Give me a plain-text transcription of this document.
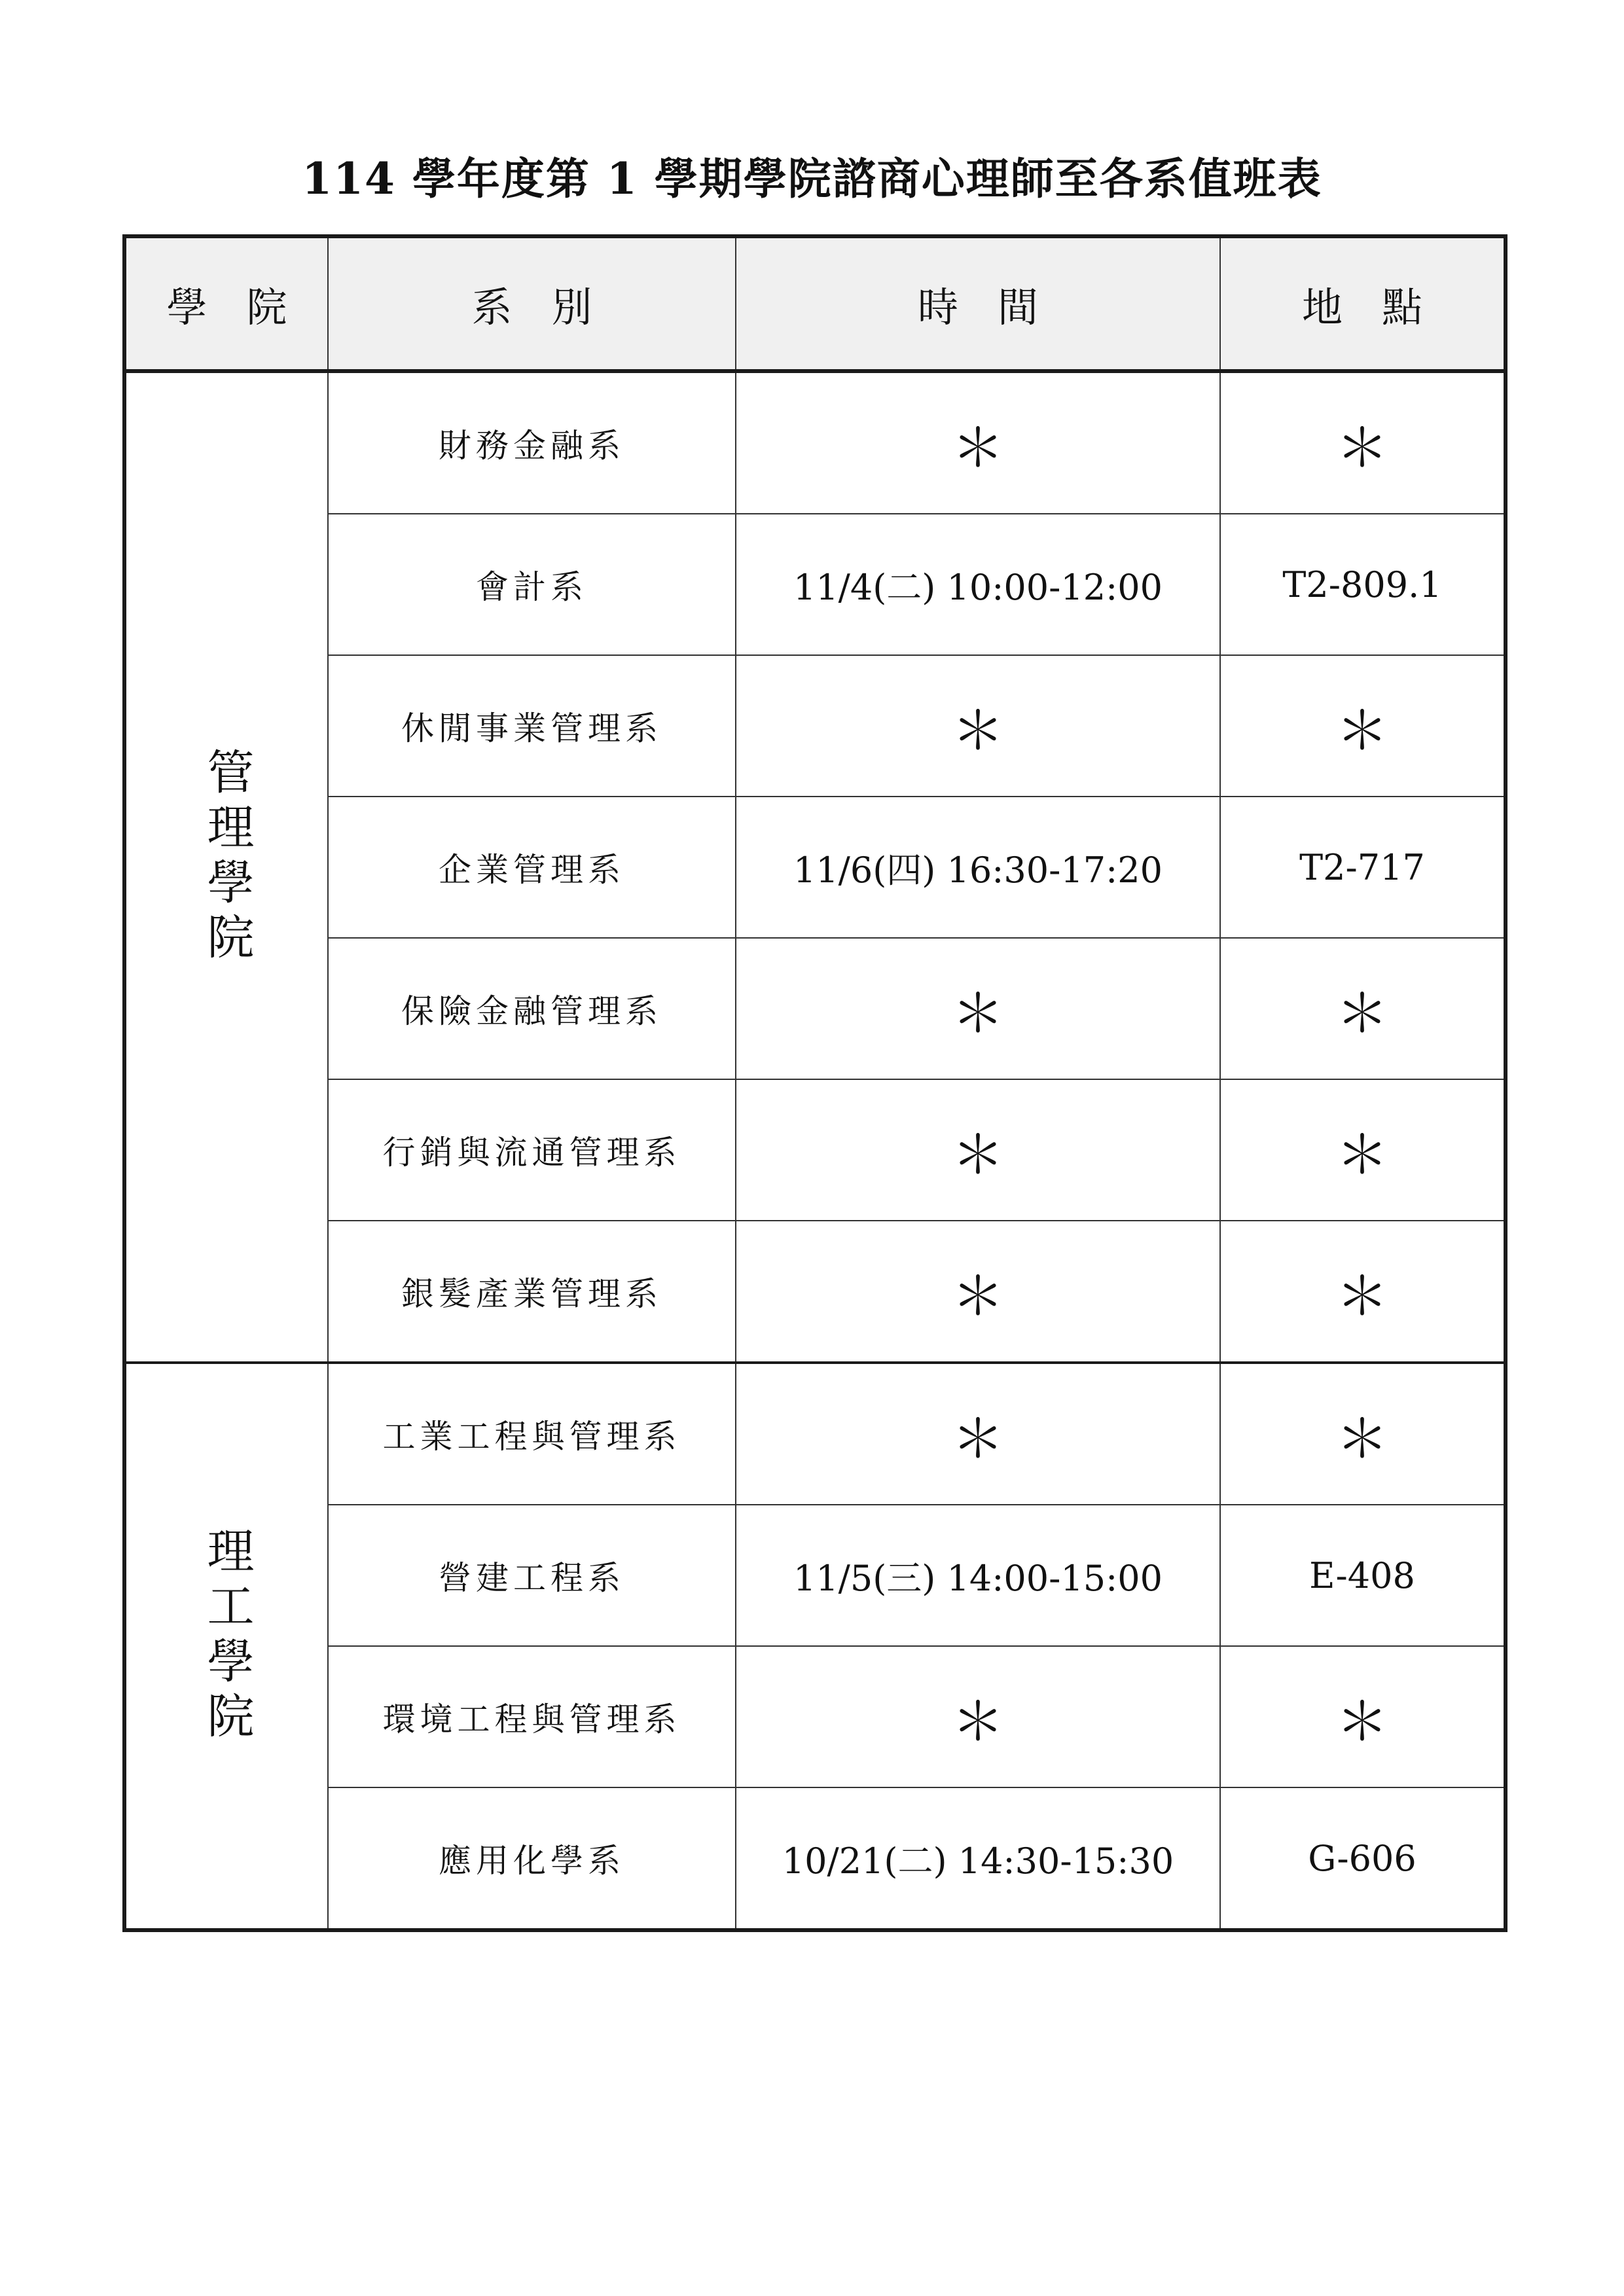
114 學年度第 1 學期學院諮商心理師至各系值班表
學院	系別	時間	地點
管理學院	財務金融系	＊	＊
	會計系	11/4(二) 10:00-12:00	T2-809.1
	休閒事業管理系	＊	＊
	企業管理系	11/6(四) 16:30-17:20	T2-717
	保險金融管理系	＊	＊
	行銷與流通管理系	＊	＊
	銀髮產業管理系	＊	＊
理工學院	工業工程與管理系	＊	＊
	營建工程系	11/5(三) 14:00-15:00	E-408
	環境工程與管理系	＊	＊
	應用化學系	10/21(二) 14:30-15:30	G-606
